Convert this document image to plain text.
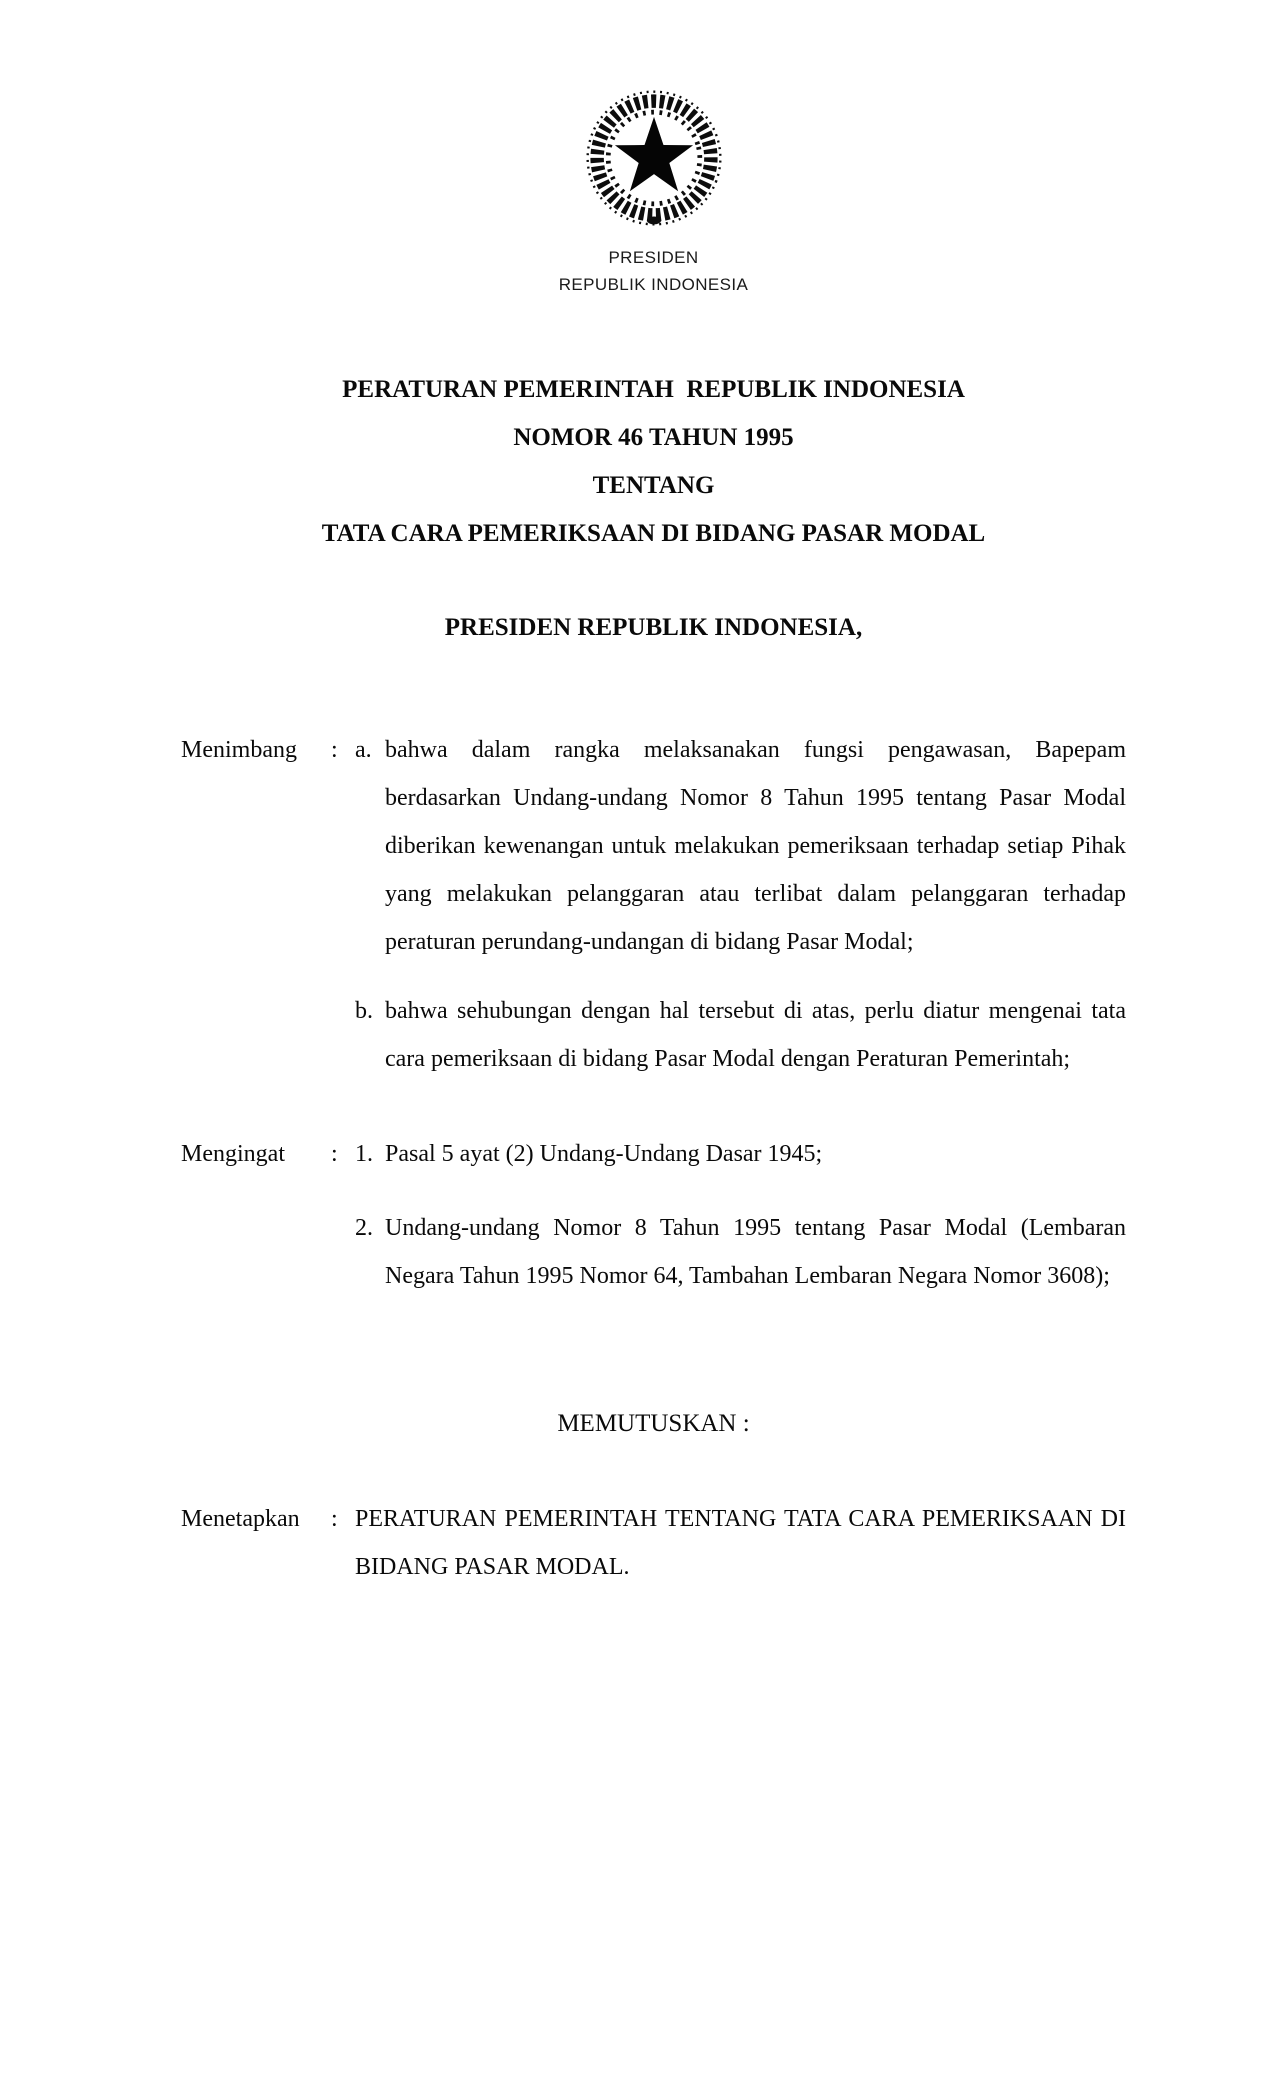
PRESIDEN
REPUBLIK INDONESIA
PERATURAN PEMERINTAH  REPUBLIK INDONESIA
NOMOR 46 TAHUN 1995
TENTANG
TATA CARA PEMERIKSAAN DI BIDANG PASAR MODAL
PRESIDEN REPUBLIK INDONESIA,
Menimbang	: a. bahwa dalam rangka melaksanakan fungsi pengawasan, Bapepam berdasarkan Undang-undang Nomor 8 Tahun 1995 tentang Pasar Modal diberikan kewenangan untuk melakukan pemeriksaan terhadap setiap Pihak yang melakukan pelanggaran atau terlibat dalam pelanggaran terhadap peraturan perundang-undangan di bidang Pasar Modal;
b. bahwa sehubungan dengan hal tersebut di atas, perlu diatur mengenai tata cara pemeriksaan di bidang Pasar Modal dengan Peraturan Pemerintah;
Mengingat	: 1. Pasal 5 ayat (2) Undang-Undang Dasar 1945;
2. Undang-undang Nomor 8 Tahun 1995 tentang Pasar Modal (Lembaran Negara Tahun 1995 Nomor 64, Tambahan Lembaran Negara Nomor 3608);
MEMUTUSKAN :
Menetapkan	: PERATURAN PEMERINTAH TENTANG TATA CARA PEMERIKSAAN DI BIDANG PASAR MODAL.
